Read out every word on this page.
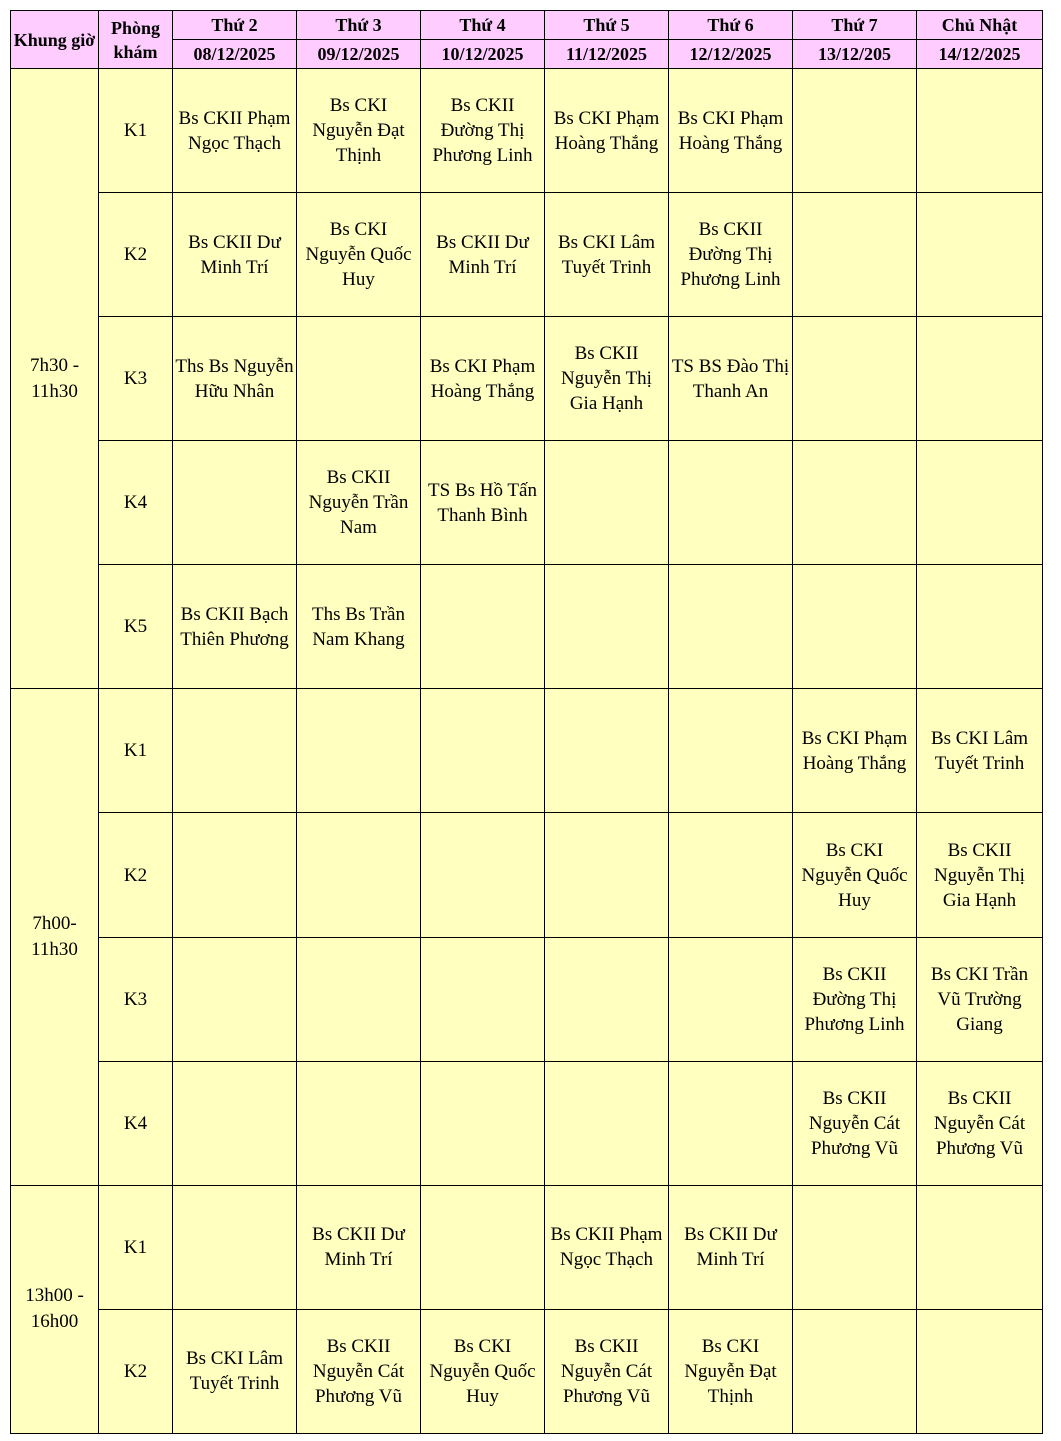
Khung giờ	Phòng khám	Thứ 2	Thứ 3	Thứ 4	Thứ 5	Thứ 6	Thứ 7	Chủ Nhật
		08/12/2025	09/12/2025	10/12/2025	11/12/2025	12/12/2025	13/12/205	14/12/2025
7h30 - 11h30	K1	Bs CKII Phạm Ngọc Thạch	Bs CKI Nguyễn Đạt Thịnh	Bs CKII Đường Thị Phương Linh	Bs CKI Phạm Hoàng Thắng	Bs CKI Phạm Hoàng Thắng		
	K2	Bs CKII Dư Minh Trí	Bs CKI Nguyễn Quốc Huy	Bs CKII Dư Minh Trí	Bs CKI Lâm Tuyết Trinh	Bs CKII Đường Thị Phương Linh		
	K3	Ths Bs Nguyễn Hữu Nhân		Bs CKI Phạm Hoàng Thắng	Bs CKII Nguyễn Thị Gia Hạnh	TS BS Đào Thị Thanh An		
	K4		Bs CKII Nguyễn Trần Nam	TS Bs Hồ Tấn Thanh Bình				
	K5	Bs CKII Bạch Thiên Phương	Ths Bs Trần Nam Khang					
7h00- 11h30	K1						Bs CKI Phạm Hoàng Thắng	Bs CKI Lâm Tuyết Trinh
	K2						Bs CKI Nguyễn Quốc Huy	Bs CKII Nguyễn Thị Gia Hạnh
	K3						Bs CKII Đường Thị Phương Linh	Bs CKI Trần Vũ Trường Giang
	K4						Bs CKII Nguyễn Cát Phương Vũ	Bs CKII Nguyễn Cát Phương Vũ
13h00 - 16h00	K1		Bs CKII Dư Minh Trí		Bs CKII Phạm Ngọc Thạch	Bs CKII Dư Minh Trí		
	K2	Bs CKI Lâm Tuyết Trinh	Bs CKII Nguyễn Cát Phương Vũ	Bs CKI Nguyễn Quốc Huy	Bs CKII Nguyễn Cát Phương Vũ	Bs CKI Nguyễn Đạt Thịnh		
